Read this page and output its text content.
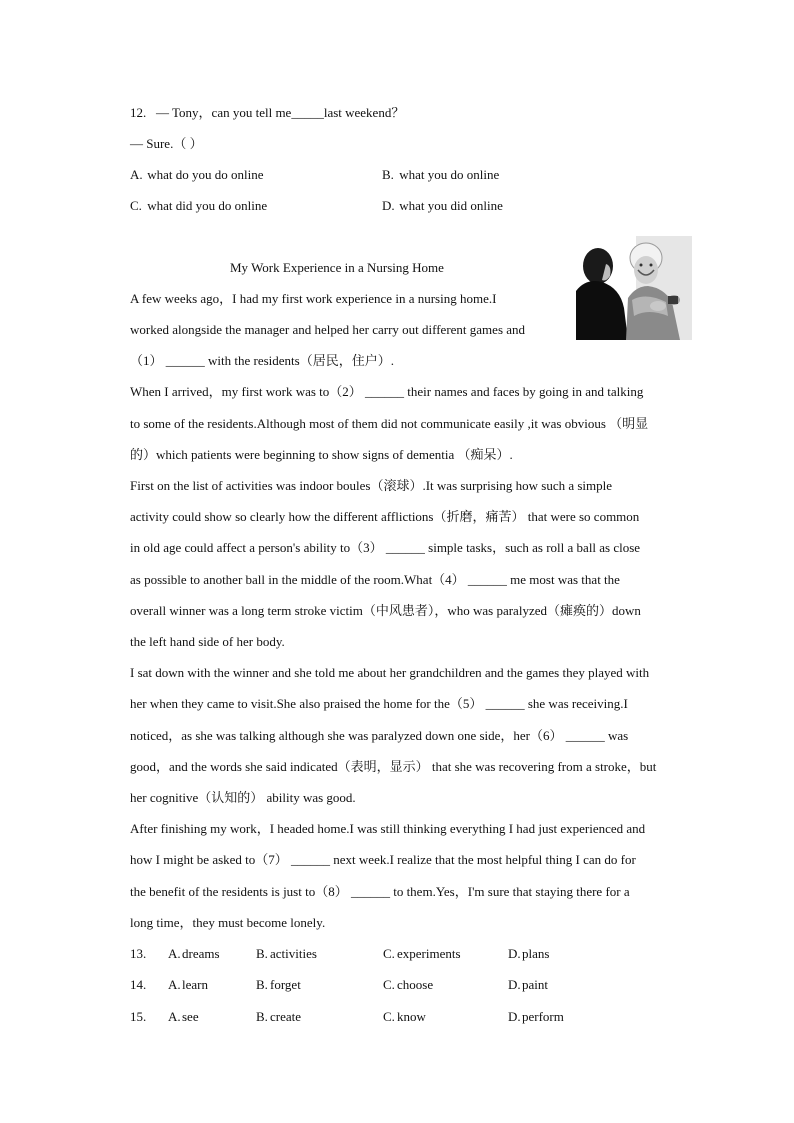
12. — Tony，can you tell me_____last weekend？
— Sure.（ ）
A. what do you do online	B. what you do online
C. what did you do online	D. what you did online
My Work Experience in a Nursing Home
A few weeks ago，I had my first work experience in a nursing home.I
worked alongside the manager and helped her carry out different games and
（1） ______ with the residents（居民，住户）.
When I arrived，my first work was to（2） ______ their names and faces by going in and talking
to some of the residents.Although most of them did not communicate easily ,it was obvious （明显
的）which patients were beginning to show signs of dementia （痴呆）.
First on the list of activities was indoor boules（滚球）.It was surprising how such a simple
activity could show so clearly how the different afflictions（折磨，痛苦） that were so common
in old age could affect a person's ability to（3） ______ simple tasks，such as roll a ball as close
as possible to another ball in the middle of the room.What（4） ______ me most was that the
overall winner was a long term stroke victim（中风患者），who was paralyzed（瘫痪的）down
the left hand side of her body.
I sat down with the winner and she told me about her grandchildren and the games they played with
her when they came to visit.She also praised the home for the（5） ______ she was receiving.I
noticed，as she was talking although she was paralyzed down one side，her（6） ______ was
good，and the words she said indicated（表明，显示） that she was recovering from a stroke，but
her cognitive（认知的） ability was good.
After finishing my work，I headed home.I was still thinking everything I had just experienced and
how I might be asked to（7） ______ next week.I realize that the most helpful thing I can do for
the benefit of the residents is just to（8） ______ to them.Yes，I'm sure that staying there for a
long time，they must become lonely.
13. A.dreams	B. activities	C. experiments	D.plans
14. A.learn	B. forget	C. choose	D.paint
15. A.see	B. create	C. know	D.perform
